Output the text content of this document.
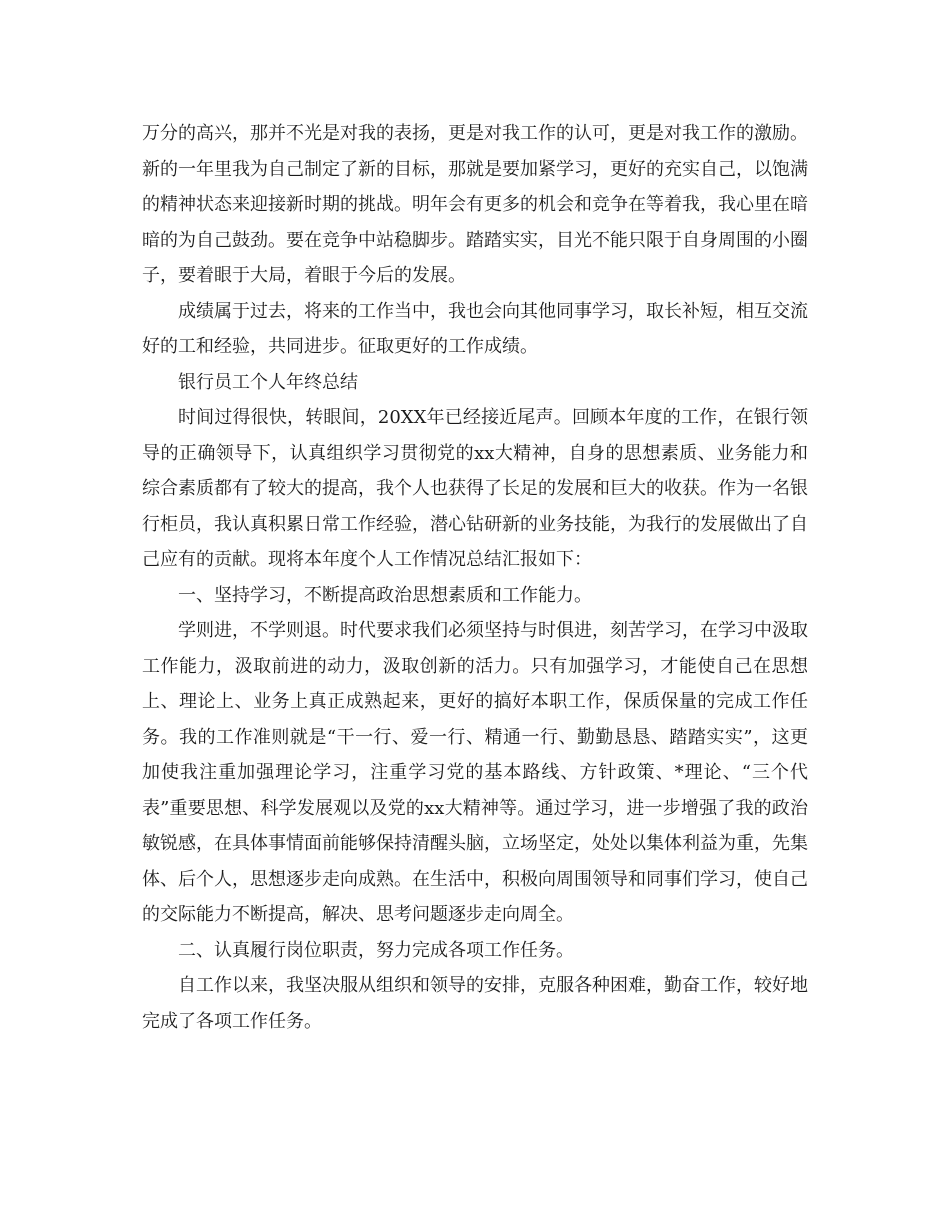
万分的高兴，那并不光是对我的表扬，更是对我工作的认可，更是对我工作的激励。新的一年里我为自己制定了新的目标，那就是要加紧学习，更好的充实自己，以饱满的精神状态来迎接新时期的挑战。明年会有更多的机会和竞争在等着我，我心里在暗暗的为自己鼓劲。要在竞争中站稳脚步。踏踏实实，目光不能只限于自身周围的小圈子，要着眼于大局，着眼于今后的发展。

成绩属于过去，将来的工作当中，我也会向其他同事学习，取长补短，相互交流好的工和经验，共同进步。征取更好的工作成绩。

银行员工个人年终总结

时间过得很快，转眼间，20XX年已经接近尾声。回顾本年度的工作，在银行领导的正确领导下，认真组织学习贯彻党的xx大精神，自身的思想素质、业务能力和综合素质都有了较大的提高，我个人也获得了长足的发展和巨大的收获。作为一名银行柜员，我认真积累日常工作经验，潜心钻研新的业务技能，为我行的发展做出了自己应有的贡献。现将本年度个人工作情况总结汇报如下：

一、坚持学习，不断提高政治思想素质和工作能力。

学则进，不学则退。时代要求我们必须坚持与时俱进，刻苦学习，在学习中汲取工作能力，汲取前进的动力，汲取创新的活力。只有加强学习，才能使自己在思想上、理论上、业务上真正成熟起来，更好的搞好本职工作，保质保量的完成工作任务。我的工作准则就是“干一行、爱一行、精通一行、勤勤恳恳、踏踏实实”，这更加使我注重加强理论学习，注重学习党的基本路线、方针政策、*理论、“三个代表”重要思想、科学发展观以及党的xx大精神等。通过学习，进一步增强了我的政治敏锐感，在具体事情面前能够保持清醒头脑，立场坚定，处处以集体利益为重，先集体、后个人，思想逐步走向成熟。在生活中，积极向周围领导和同事们学习，使自己的交际能力不断提高，解决、思考问题逐步走向周全。

二、认真履行岗位职责，努力完成各项工作任务。

自工作以来，我坚决服从组织和领导的安排，克服各种困难，勤奋工作，较好地完成了各项工作任务。
